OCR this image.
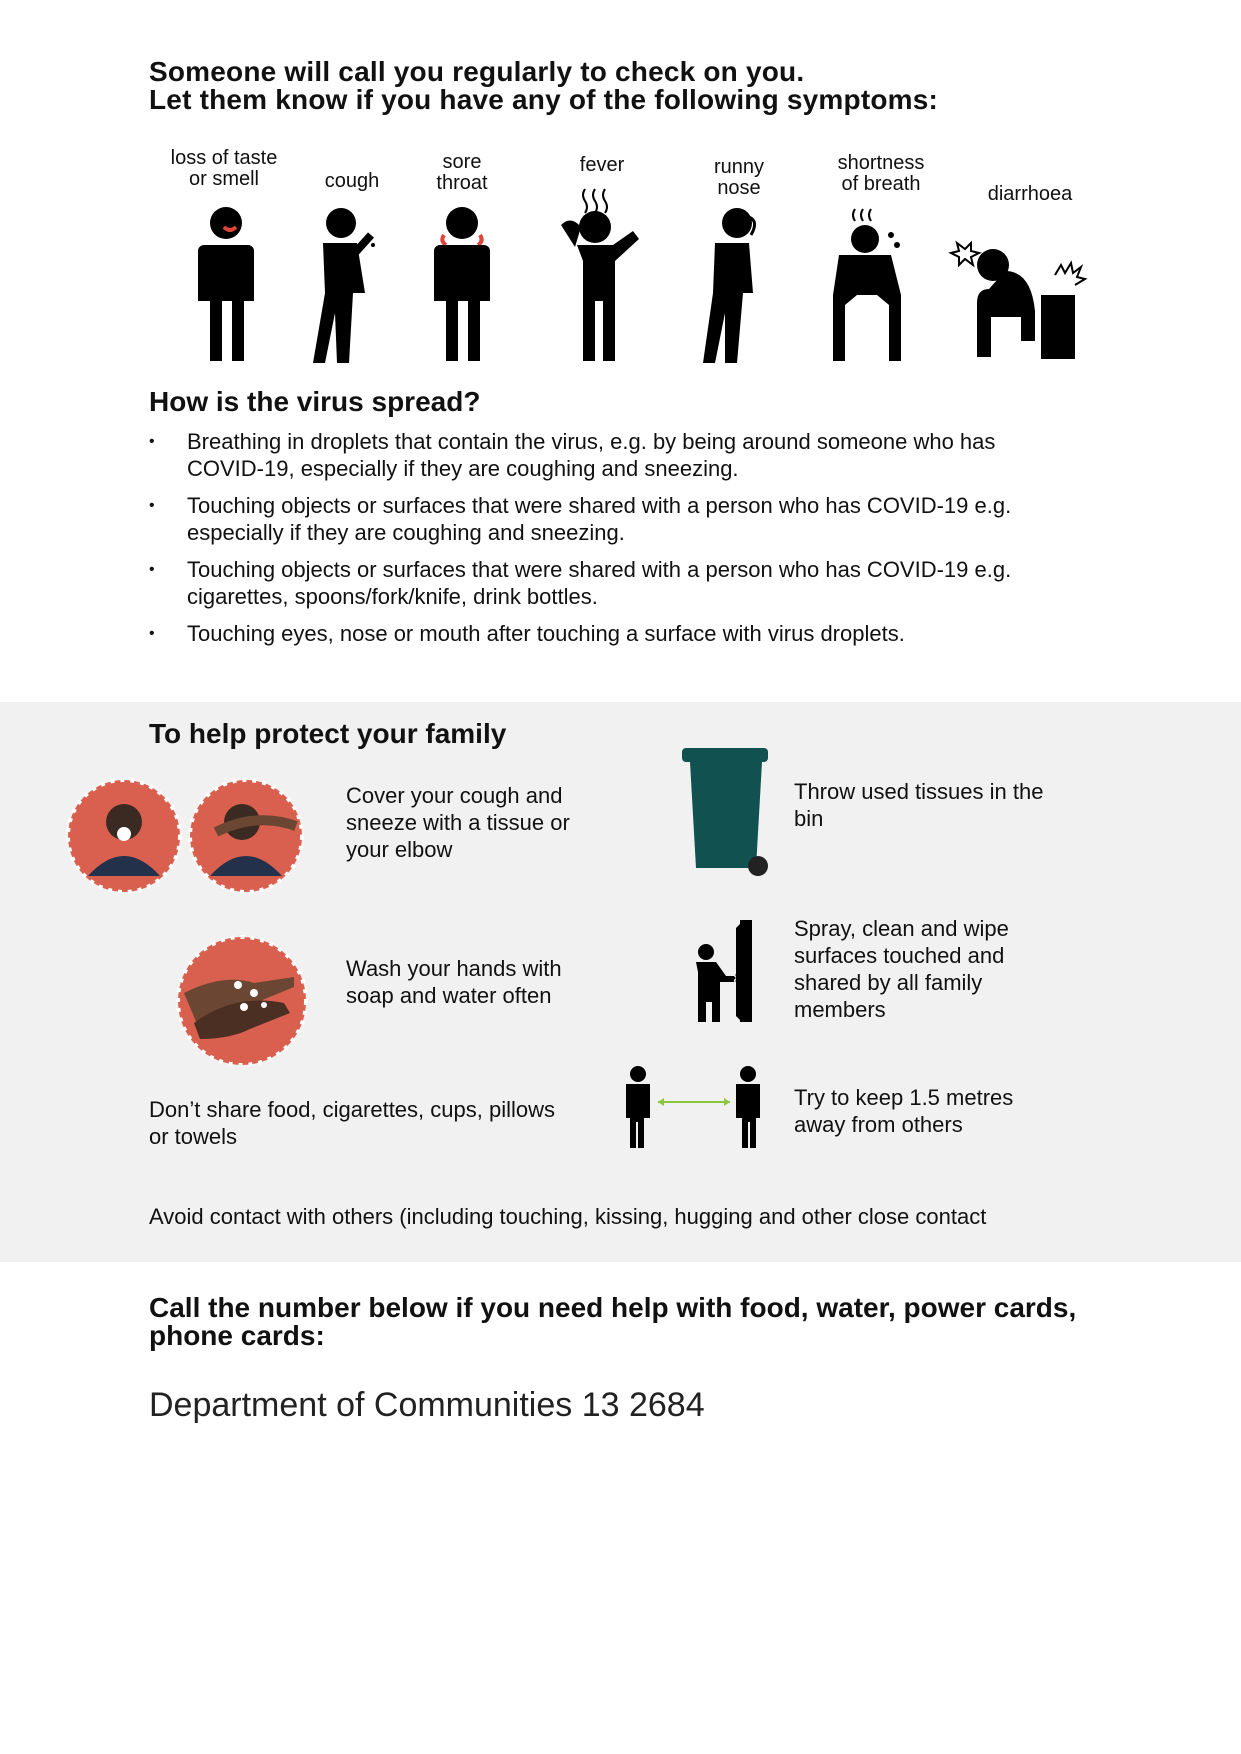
Someone will call you regularly to check on you.
Let them know if you have any of the following symptoms:
loss of taste
or smell	cough
sore
throat
fever	runny
nose
shortness
of breath	diarrhoea
How is the virus spread?
• Breathing in droplets that contain the virus, e.g. by being around someone who has COVID-19, especially if they are coughing and sneezing.
• Touching objects or surfaces that were shared with a person who has COVID-19 e.g. especially if they are coughing and sneezing.
• Touching objects or surfaces that were shared with a person who has COVID-19 e.g. cigarettes, spoons/fork/knife, drink bottles.
• Touching eyes, nose or mouth after touching a surface with virus droplets.
To help protect your family
Cover your cough and sneeze with a tissue or your elbow
Wash your hands with soap and water often
Don’t share food, cigarettes, cups, pillows or towels
Throw used tissues in the bin
Spray, clean and wipe surfaces touched and shared by all family members
Try to keep 1.5 metres away from others
Avoid contact with others (including touching, kissing, hugging and other close contact
Call the number below if you need help with food, water, power cards, phone cards:
Department of Communities 13 2684
